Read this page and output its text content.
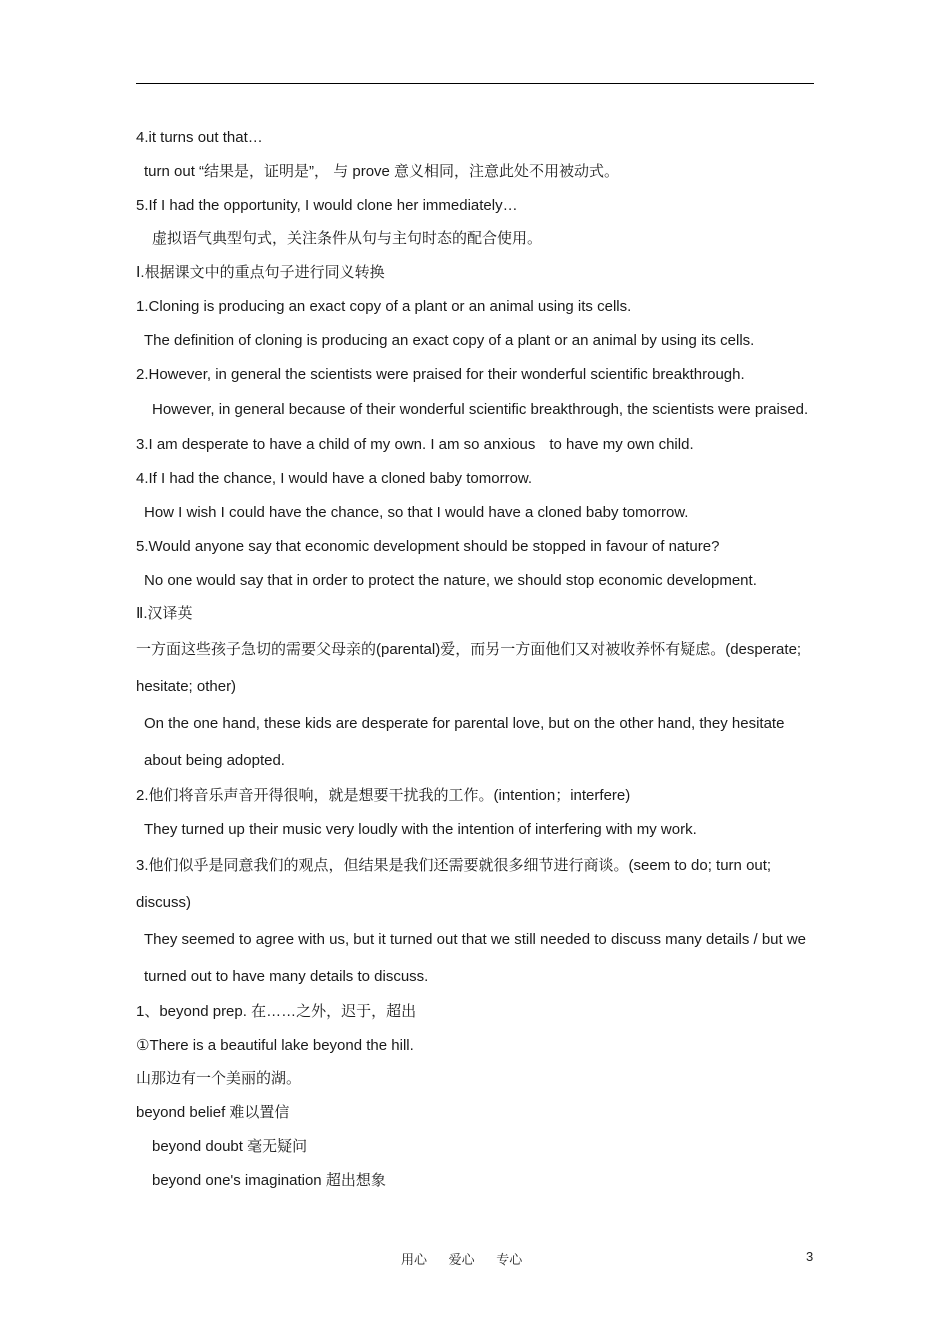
4.it turns out that…
turn out “结果是，证明是”， 与 prove 意义相同，注意此处不用被动式。
5.If I had the opportunity, I would clone her immediately…
虚拟语气典型句式，关注条件从句与主句时态的配合使用。
Ⅰ.根据课文中的重点句子进行同义转换
1.Cloning is producing an exact copy of a plant or an animal using its cells.
The definition of cloning is producing an exact copy of a plant or an animal by using its cells.
2.However, in general the scientists were praised for their wonderful scientific breakthrough.
However, in general because of their wonderful scientific breakthrough, the scientists were praised.
3.I am desperate to have a child of my own. I am so anxious to have my own child.
4.If I had the chance, I would have a cloned baby tomorrow.
How I wish I could have the chance, so that I would have a cloned baby tomorrow.
5.Would anyone say that economic development should be stopped in favour of nature?
No one would say that in order to protect the nature, we should stop economic development.
Ⅱ.汉译英
一方面这些孩子急切的需要父母亲的(parental)爱，而另一方面他们又对被收养怀有疑虑。(desperate; hesitate; other)
On the one hand, these kids are desperate for parental love, but on the other hand, they hesitate about being adopted.
2.他们将音乐声音开得很响，就是想要干扰我的工作。(intention；interfere)
They turned up their music very loudly with the intention of interfering with my work.
3.他们似乎是同意我们的观点，但结果是我们还需要就很多细节进行商谈。(seem to do; turn out; discuss)
They seemed to agree with us, but it turned out that we still needed to discuss many details / but we turned out to have many details to discuss.
1、beyond prep. 在……之外，迟于，超出
①There is a beautiful lake beyond the hill.
山那边有一个美丽的湖。
beyond belief 难以置信
beyond doubt 毫无疑问
beyond one's imagination 超出想象
用心 爱心 专心	3
